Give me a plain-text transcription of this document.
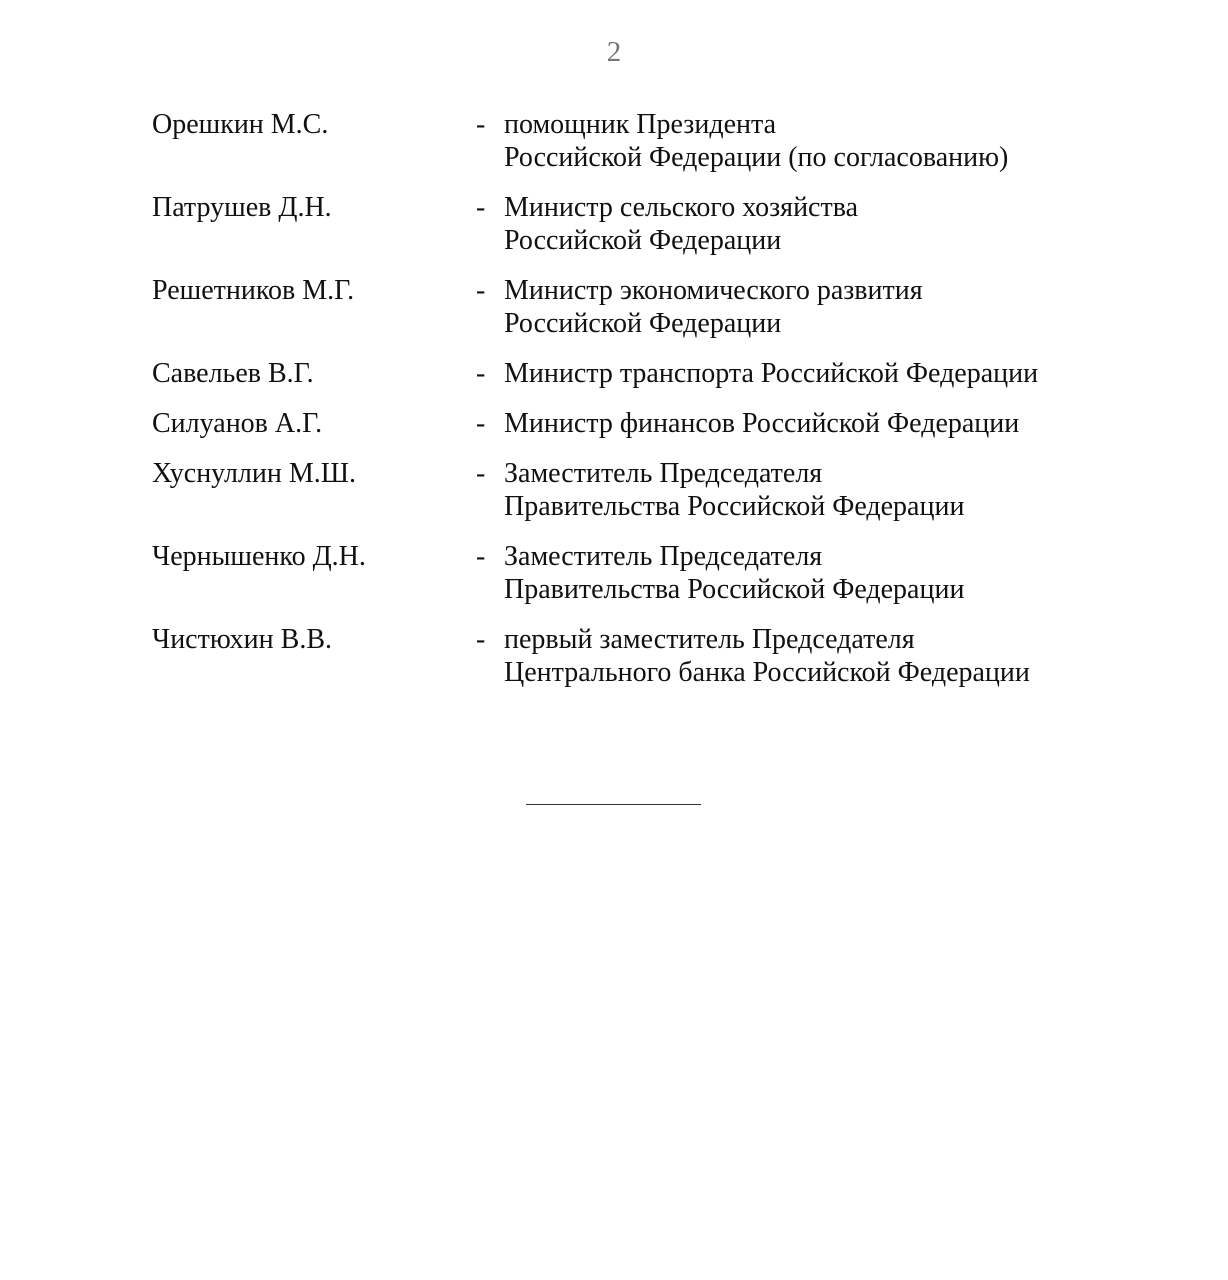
2
Орешкин М.С.	- помощник Президента
Российской Федерации (по согласованию)
Патрушев Д.Н.	- Министр сельского хозяйства
Российской Федерации
Решетников М.Г.	- Министр экономического развития
Российской Федерации
Савельев В.Г.	- Министр транспорта Российской Федерации
Силуанов А.Г.	- Министр финансов Российской Федерации
Хуснуллин М.Ш.	- Заместитель Председателя
Правительства Российской Федерации
Чернышенко Д.Н.	- Заместитель Председателя
Правительства Российской Федерации
Чистюхин В.В.	- первый заместитель Председателя
Центрального банка Российской Федерации
